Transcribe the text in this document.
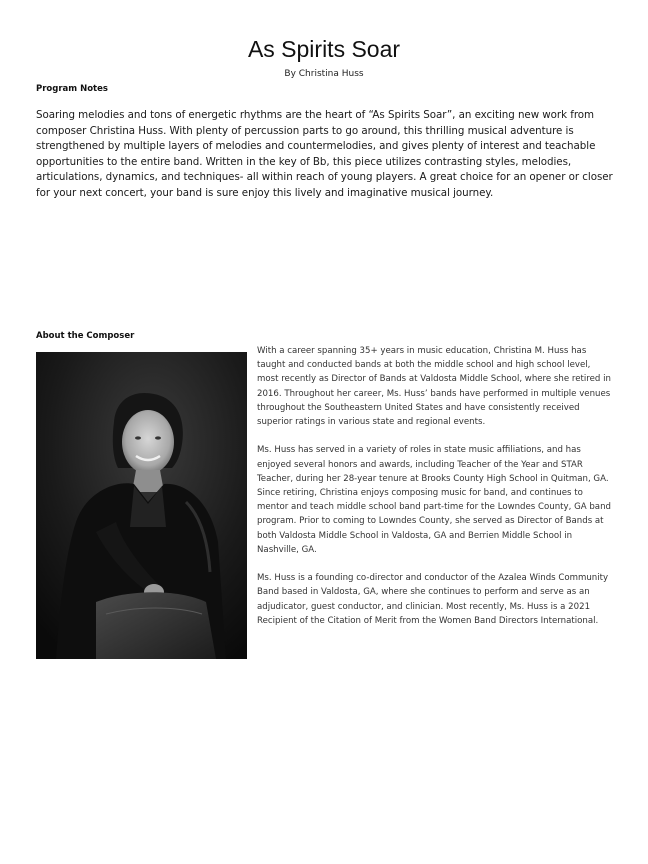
As Spirits Soar
By Christina Huss
Program Notes

Soaring melodies and tons of energetic rhythms are the heart of “As Spirits Soar”, an exciting new work from composer Christina Huss. With plenty of percussion parts to go around, this thrilling musical adventure is strengthened by multiple layers of melodies and countermelodies, and gives plenty of interest and teachable opportunities to the entire band. Written in the key of Bb, this piece utilizes contrasting styles, melodies, articulations, dynamics, and techniques- all within reach of young players. A great choice for an opener or closer for your next concert, your band is sure enjoy this lively and imaginative musical journey.

About the Composer

With a career spanning 35+ years in music education, Christina M. Huss has taught and conducted bands at both the middle school and high school level, most recently as Director of Bands at Valdosta Middle School, where she retired in 2016. Throughout her career, Ms. Huss’ bands have performed in multiple venues throughout the Southeastern United States and have consistently received superior ratings in various state and regional events.

Ms. Huss has served in a variety of roles in state music affiliations, and has enjoyed several honors and awards, including Teacher of the Year and STAR Teacher, during her 28-year tenure at Brooks County High School in Quitman, GA. Since retiring, Christina enjoys composing music for band, and continues to mentor and teach middle school band part-time for the Lowndes County, GA band program. Prior to coming to Lowndes County, she served as Director of Bands at both Valdosta Middle School in Valdosta, GA and Berrien Middle School in Nashville, GA.

Ms. Huss is a founding co-director and conductor of the Azalea Winds Community Band based in Valdosta, GA, where she continues to perform and serve as an adjudicator, guest conductor, and clinician. Most recently, Ms. Huss is a 2021 Recipient of the Citation of Merit from the Women Band Directors International.
